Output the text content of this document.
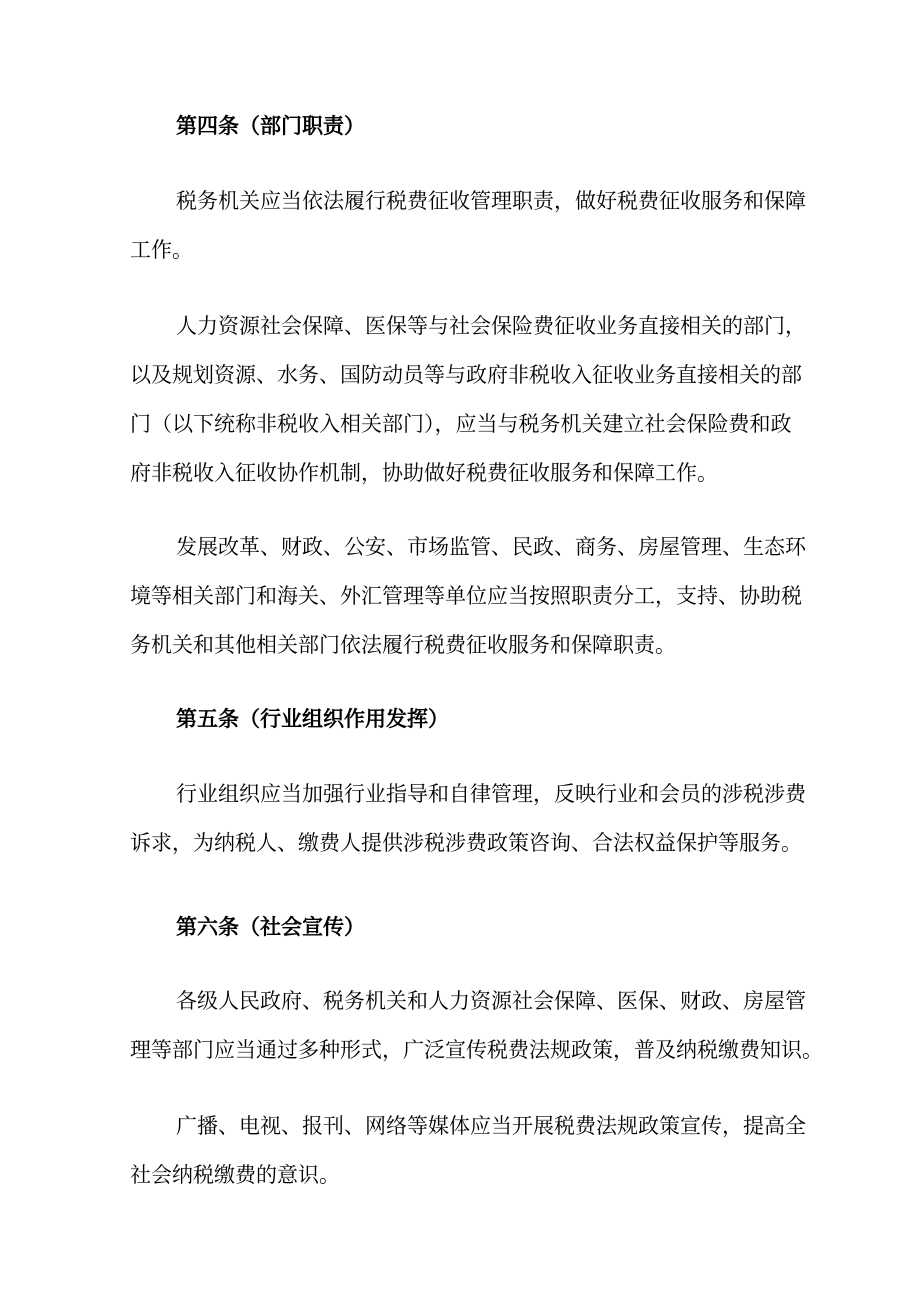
第四条（部门职责）

税务机关应当依法履行税费征收管理职责，做好税费征收服务和保障
工作。

人力资源社会保障、医保等与社会保险费征收业务直接相关的部门，
以及规划资源、水务、国防动员等与政府非税收入征收业务直接相关的部
门（以下统称非税收入相关部门），应当与税务机关建立社会保险费和政
府非税收入征收协作机制，协助做好税费征收服务和保障工作。

发展改革、财政、公安、市场监管、民政、商务、房屋管理、生态环
境等相关部门和海关、外汇管理等单位应当按照职责分工，支持、协助税
务机关和其他相关部门依法履行税费征收服务和保障职责。

第五条（行业组织作用发挥）

行业组织应当加强行业指导和自律管理，反映行业和会员的涉税涉费
诉求，为纳税人、缴费人提供涉税涉费政策咨询、合法权益保护等服务。

第六条（社会宣传）

各级人民政府、税务机关和人力资源社会保障、医保、财政、房屋管
理等部门应当通过多种形式，广泛宣传税费法规政策，普及纳税缴费知识。

广播、电视、报刊、网络等媒体应当开展税费法规政策宣传，提高全
社会纳税缴费的意识。
